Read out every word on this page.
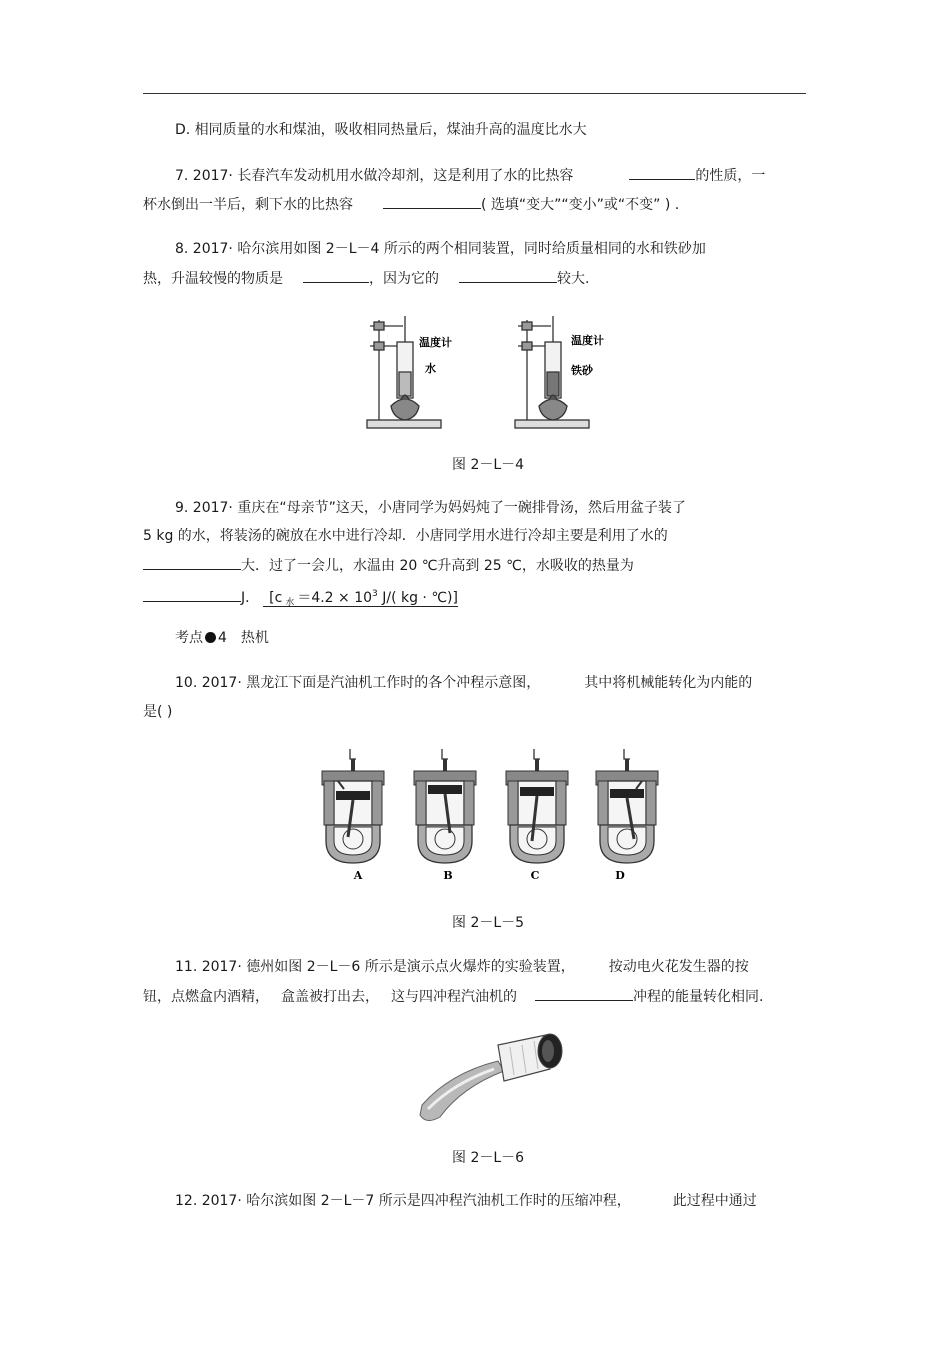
D. 相同质量的水和煤油，吸收相同热量后，煤油升高的温度比水大
7. 2017· 长春汽车发动机用水做冷却剂，这是利用了水的比热容	的性质，一
杯水倒出一半后，剩下水的比热容	( 选填“变大”“变小”或“不变” ) .
8. 2017· 哈尔滨用如图 2－L－4 所示的两个相同装置，同时给质量相同的水和铁砂加
热，升温较慢的物质是	，因为它的	较大.
温度计
水
温度计
铁砂
图 2－L－4
9. 2017· 重庆在“母亲节”这天，小唐同学为妈妈炖了一碗排骨汤，然后用盆子装了
5 kg 的水，将装汤的碗放在水中进行冷却．小唐同学用水进行冷却主要是利用了水的
大．过了一会儿，水温由 20 ℃升高到 25 ℃，水吸收的热量为
J． [c $_水 =4.2 \times 10^3$ J/( kg · ℃)]
考点 4 热机
10. 2017· 黑龙江下面是汽油机工作时的各个冲程示意图，	其中将机械能转化为内能的
是( )
A	B	C	D
图 2－L－5
11. 2017· 德州如图 2－L－6 所示是演示点火爆炸的实验装置， 按动电火花发生器的按
钮，点燃盒内酒精， 盒盖被打出去， 这与四冲程汽油机的	冲程的能量转化相同.
图 2－L－6
12. 2017· 哈尔滨如图 2－L－7 所示是四冲程汽油机工作时的压缩冲程，	此过程中通过
